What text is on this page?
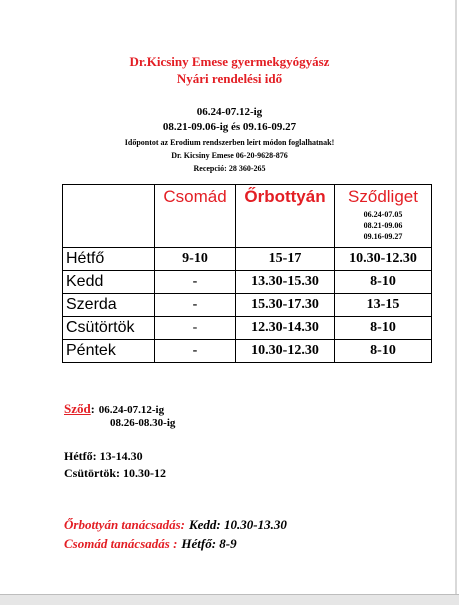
Dr.Kicsiny Emese gyermekgyógyász
Nyári rendelési idő
06.24-07.12-ig
08.21-09.06-ig és 09.16-09.27
Időpontot az Erodium rendszerben leírt módon foglalhatnak!
Dr. Kicsiny Emese 06-20-9628-876
Recepció: 28 360-265

	Csomád	Őrbottyán	Sződliget
06.24-07.05
08.21-09.06
09.16-09.27

Hétfő	9-10	15-17	10.30-12.30
Kedd	-	13.30-15.30	8-10
Szerda	-	15.30-17.30	13-15
Csütörtök	-	12.30-14.30	8-10
Péntek	-	10.30-12.30	8-10
Sződ: 06.24-07.12-ig
08.26-08.30-ig
Hétfő: 13-14.30
Csütörtök: 10.30-12
Őrbottyán tanácsadás: Kedd: 10.30-13.30
Csomád tanácsadás : Hétfő: 8-9
